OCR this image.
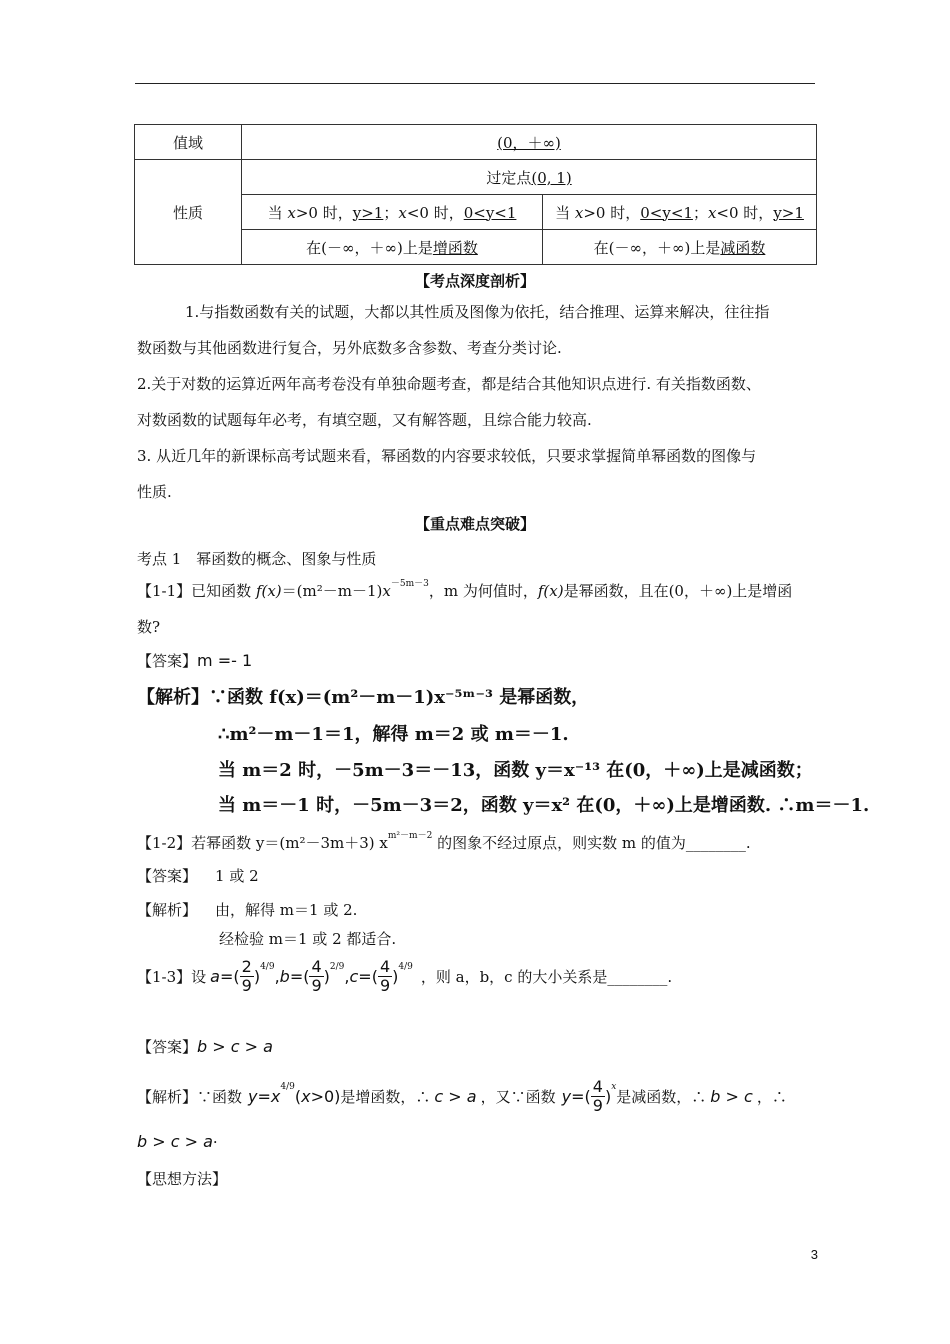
值域	(0，＋∞)	
性质	过定点(0, 1)	
	当 x>0 时，y>1；x<0 时，0<y<1	当 x>0 时，0<y<1；x<0 时，y>1
	在(－∞，＋∞)上是增函数	在(－∞，＋∞)上是减函数
【考点深度剖析】
1.与指数函数有关的试题，大都以其性质及图像为依托，结合推理、运算来解决，往往指
数函数与其他函数进行复合，另外底数多含参数、考查分类讨论.
2.关于对数的运算近两年高考卷没有单独命题考查，都是结合其他知识点进行. 有关指数函数、
对数函数的试题每年必考，有填空题，又有解答题，且综合能力较高.
3. 从近几年的新课标高考试题来看，幂函数的内容要求较低，只要求掌握简单幂函数的图像与
性质.
【重点难点突破】
考点 1　幂函数的概念、图象与性质
【1-1】已知函数 $f(x)=(m^2-m-1)x^{-5m-3}$，m 为何值时，f(x)是幂函数，且在(0，＋∞)上是增函
数?
【答案】m =- 1
【解析】∵函数 f(x)＝(m²－m－1)x⁻⁵ᵐ⁻³ 是幂函数，
∴m²－m－1＝1，解得 m＝2 或 m＝－1.
当 m＝2 时，－5m－3＝－13，函数 y＝x⁻¹³ 在(0，＋∞)上是减函数；
当 m＝－1 时，－5m－3＝2，函数 y＝x² 在(0，＋∞)上是增函数. ∴m＝－1.
【1-2】若幂函数 y＝(m²－3m＋3) $x^{m^2-m-2}$ 的图象不经过原点，则实数 m 的值为________.
【答案】 1 或 2
【解析】 由，解得 m＝1 或 2.
经检验 m＝1 或 2 都适合.
【1-3】 设 a =( $\frac{2}{9}$ )
$^{4/9}$
, b =( $\frac{4}{9}$ )
$^{2/9}$
, c =( $\frac{4}{9}$ )
$^{4/9}$
，则 a，b，c 的大小关系是________.
【答案】b > c > a
【解析】 ∵函数 y = x
$^{4/9}$
( x >0) 是增函数，∴ c > a ，又∵函数 y =( $\frac{4}{9}$ )
$^x$
是减函数，∴ b > c ，∴
b > c > a·
【思想方法】
3
